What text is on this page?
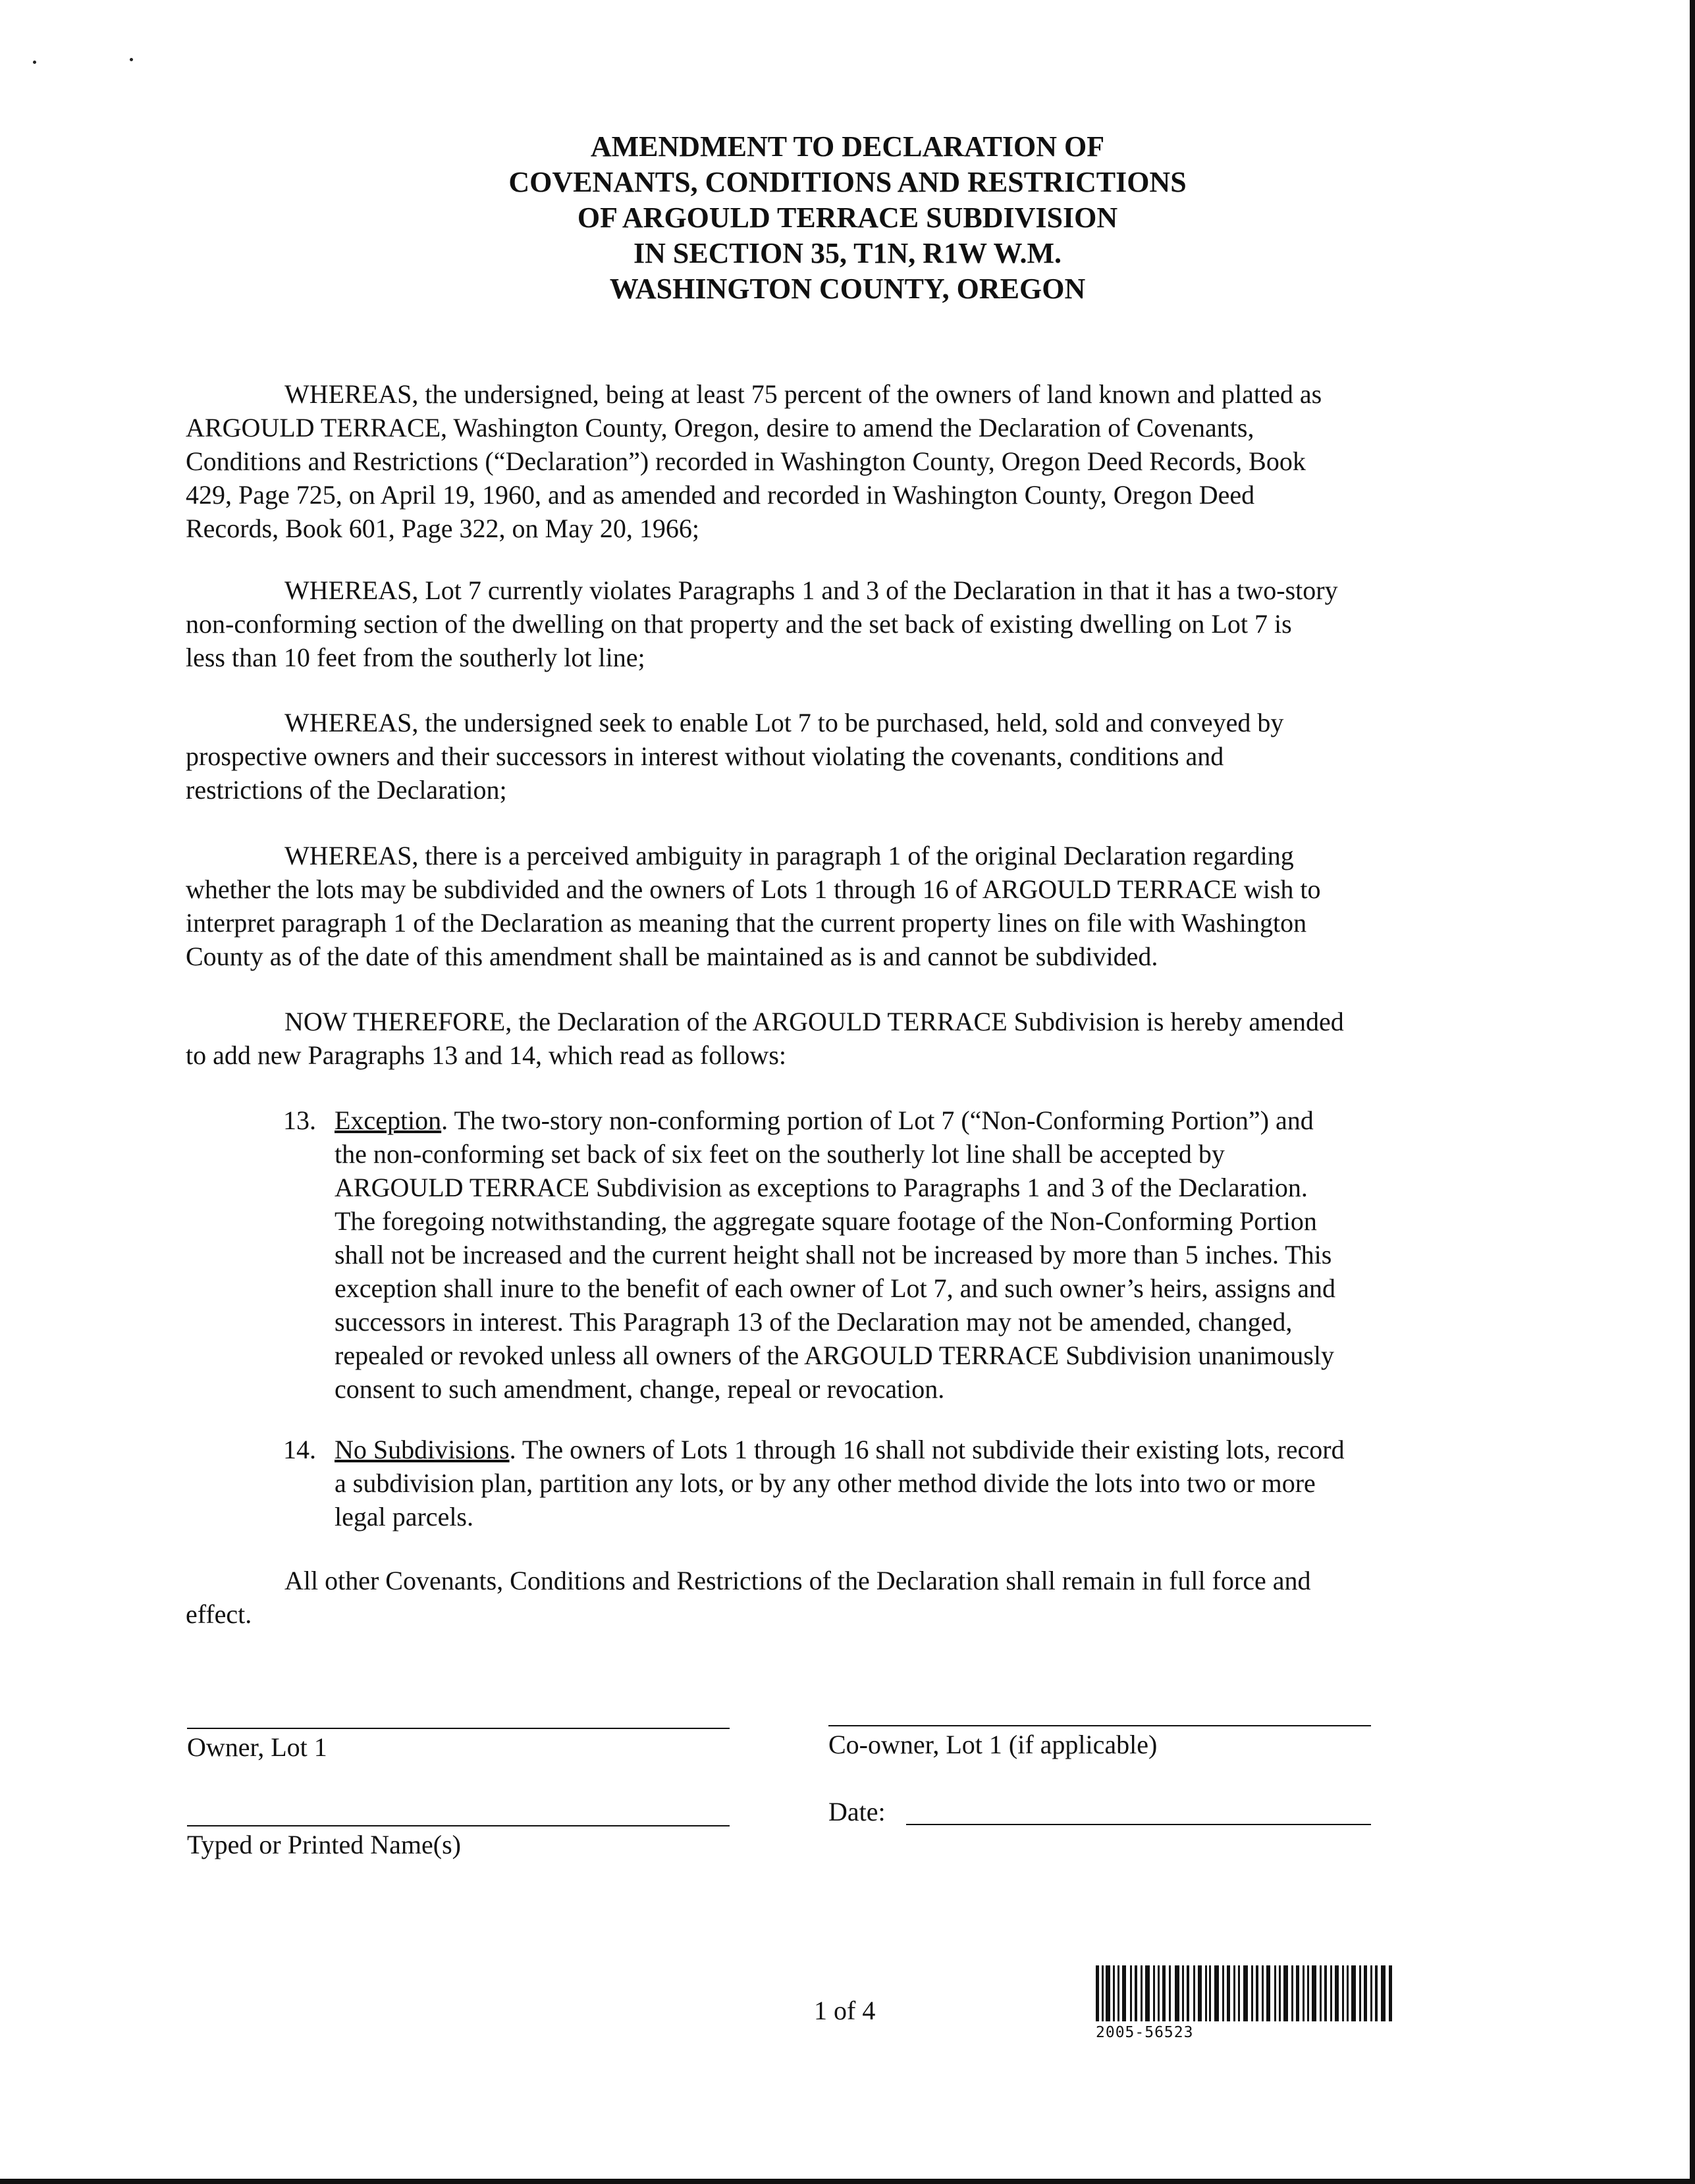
AMENDMENT TO DECLARATION OF
COVENANTS, CONDITIONS AND RESTRICTIONS
OF ARGOULD TERRACE SUBDIVISION
IN SECTION 35, T1N, R1W W.M.
WASHINGTON COUNTY, OREGON
WHEREAS, the undersigned, being at least 75 percent of the owners of land known and platted as
ARGOULD TERRACE, Washington County, Oregon, desire to amend the Declaration of Covenants,
Conditions and Restrictions (“Declaration”) recorded in Washington County, Oregon Deed Records, Book
429, Page 725, on April 19, 1960, and as amended and recorded in Washington County, Oregon Deed
Records, Book 601, Page 322, on May 20, 1966;
WHEREAS, Lot 7 currently violates Paragraphs 1 and 3 of the Declaration in that it has a two-story
non-conforming section of the dwelling on that property and the set back of existing dwelling on Lot 7 is
less than 10 feet from the southerly lot line;
WHEREAS, the undersigned seek to enable Lot 7 to be purchased, held, sold and conveyed by
prospective owners and their successors in interest without violating the covenants, conditions and
restrictions of the Declaration;
WHEREAS, there is a perceived ambiguity in paragraph 1 of the original Declaration regarding
whether the lots may be subdivided and the owners of Lots 1 through 16 of ARGOULD TERRACE wish to
interpret paragraph 1 of the Declaration as meaning that the current property lines on file with Washington
County as of the date of this amendment shall be maintained as is and cannot be subdivided.
NOW THEREFORE, the Declaration of the ARGOULD TERRACE Subdivision is hereby amended
to add new Paragraphs 13 and 14, which read as follows:
13. Exception. The two-story non-conforming portion of Lot 7 (“Non-Conforming Portion”) and
the non-conforming set back of six feet on the southerly lot line shall be accepted by
ARGOULD TERRACE Subdivision as exceptions to Paragraphs 1 and 3 of the Declaration.
The foregoing notwithstanding, the aggregate square footage of the Non-Conforming Portion
shall not be increased and the current height shall not be increased by more than 5 inches. This
exception shall inure to the benefit of each owner of Lot 7, and such owner’s heirs, assigns and
successors in interest. This Paragraph 13 of the Declaration may not be amended, changed,
repealed or revoked unless all owners of the ARGOULD TERRACE Subdivision unanimously
consent to such amendment, change, repeal or revocation.
14. No Subdivisions. The owners of Lots 1 through 16 shall not subdivide their existing lots, record
a subdivision plan, partition any lots, or by any other method divide the lots into two or more
legal parcels.
All other Covenants, Conditions and Restrictions of the Declaration shall remain in full force and
effect.
Owner, Lot 1	Co-owner, Lot 1 (if applicable)
Typed or Printed Name(s)
Date:
1 of 4
2005-56523
